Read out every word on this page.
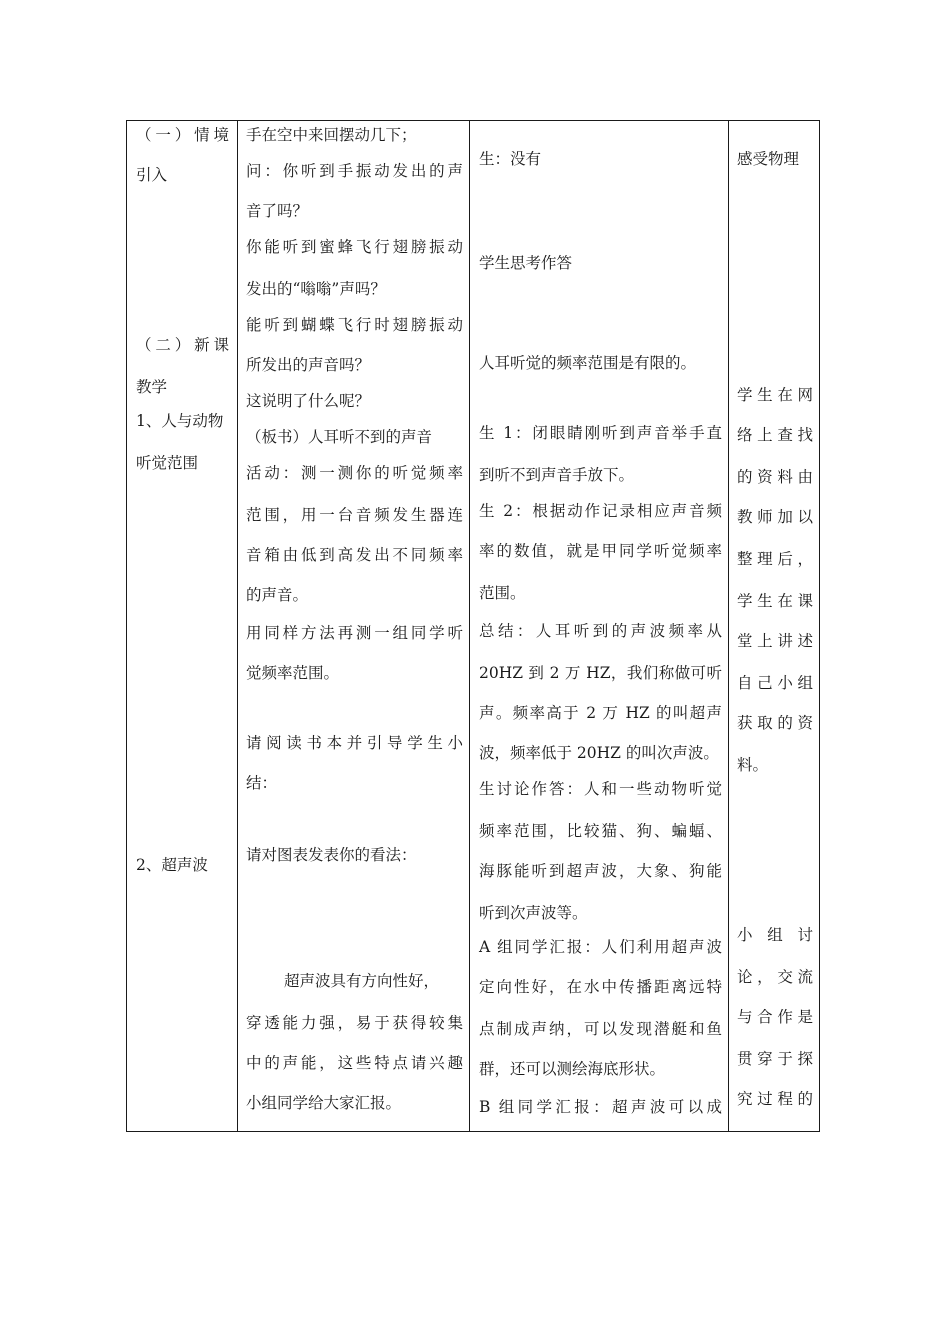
（一）情境
引入
（二）新课
教学
1、人与动物
听觉范围
2、超声波
手在空中来回摆动几下；
问：你听到手振动发出的声
音了吗？
你能听到蜜蜂飞行翅膀振动
发出的“嗡嗡”声吗？
能听到蝴蝶飞行时翅膀振动
所发出的声音吗？
这说明了什么呢？
（板书）人耳听不到的声音
活动：测一测你的听觉频率
范围，用一台音频发生器连
音箱由低到高发出不同频率
的声音。
用同样方法再测一组同学听
觉频率范围。
请阅读书本并引导学生小
结：
请对图表发表你的看法：
超声波具有方向性好，
穿透能力强，易于获得较集
中的声能，这些特点请兴趣
小组同学给大家汇报。
生：没有
学生思考作答
人耳听觉的频率范围是有限的。
生 1：闭眼睛刚听到声音举手直
到听不到声音手放下。
生 2：根据动作记录相应声音频
率的数值，就是甲同学听觉频率
范围。
总结：人耳听到的声波频率从
20HZ 到 2 万 HZ，我们称做可听
声。频率高于 2 万 HZ 的叫超声
波，频率低于 20HZ 的叫次声波。
生讨论作答：人和一些动物听觉
频率范围，比较猫、狗、蝙蝠、
海豚能听到超声波，大象、狗能
听到次声波等。
A 组同学汇报：人们利用超声波
定向性好，在水中传播距离远特
点制成声纳，可以发现潜艇和鱼
群，还可以测绘海底形状。
B 组同学汇报：超声波可以成
感受物理
学生在网
络上查找
的资料由
教师加以
整理后，
学生在课
堂上讲述
自己小组
获取的资
料。
小组讨
论，交流
与合作是
贯穿于探
究过程的
